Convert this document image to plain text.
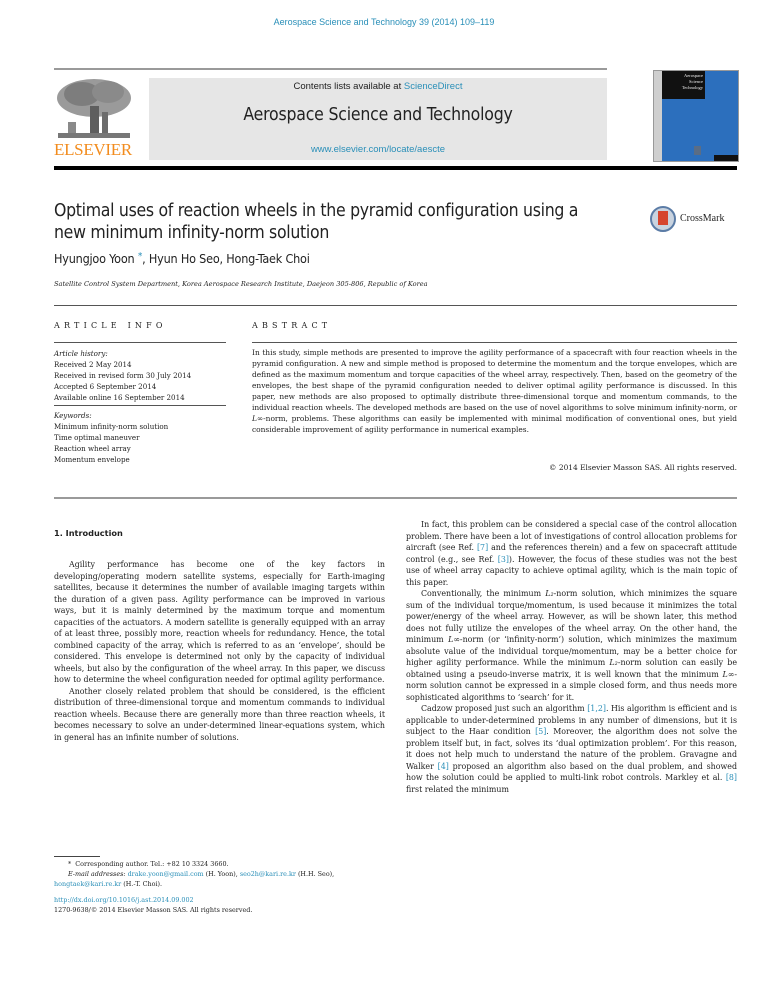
Aerospace Science and Technology 39 (2014) 109–119
ELSEVIER
Contents lists available at ScienceDirect
Aerospace Science and Technology
www.elsevier.com/locate/aescte
Aerospace
Science
Technology
Optimal uses of reaction wheels in the pyramid configuration using a
new minimum infinity-norm solution
CrossMark
Hyungjoo Yoon *, Hyun Ho Seo, Hong-Taek Choi
Satellite Control System Department, Korea Aerospace Research Institute, Daejeon 305-806, Republic of Korea
ARTICLE INFO
Article history:
Received 2 May 2014
Received in revised form 30 July 2014
Accepted 6 September 2014
Available online 16 September 2014
Keywords:
Minimum infinity-norm solution
Time optimal maneuver
Reaction wheel array
Momentum envelope
ABSTRACT
In this study, simple methods are presented to improve the agility performance of a spacecraft with four reaction wheels in the pyramid configuration. A new and simple method is proposed to determine the momentum and the torque envelopes, which are defined as the maximum momentum and torque capacities of the wheel array, respectively. Then, based on the geometry of the envelopes, the best shape of the pyramid configuration needed to deliver optimal agility performance is discussed. In this paper, new methods are also proposed to optimally distribute three-dimensional torque and momentum commands, to the individual reaction wheels. The developed methods are based on the use of novel algorithms to solve minimum infinity-norm, or L∞-norm, problems. These algorithms can easily be implemented with minimal modification of conventional ones, but yield considerable improvement of agility performance in numerical examples.
© 2014 Elsevier Masson SAS. All rights reserved.
1. Introduction

Agility performance has become one of the key factors in developing/operating modern satellite systems, especially for Earth-imaging satellites, because it determines the number of available imaging targets within the duration of a given pass. Agility performance can be improved in various ways, but it is mainly determined by the maximum torque and momentum capacities of the actuators. A modern satellite is generally equipped with an array of at least three, possibly more, reaction wheels for redundancy. Hence, the total combined capacity of the array, which is referred to as an ‘envelope’, should be considered. This envelope is determined not only by the capacity of individual wheels, but also by the configuration of the wheel array. In this paper, we discuss how to determine the wheel configuration needed for optimal agility performance.

Another closely related problem that should be considered, is the efficient distribution of three-dimensional torque and momentum commands to individual reaction wheels. Because there are generally more than three reaction wheels, it becomes necessary to solve an under-determined linear-equations system, which in general has an infinite number of solutions.

In fact, this problem can be considered a special case of the control allocation problem. There have been a lot of investigations of control allocation problems for aircraft (see Ref. [7] and the references therein) and a few on spacecraft attitude control (e.g., see Ref. [3]). However, the focus of these studies was not the best use of wheel array capacity to achieve optimal agility, which is the main topic of this paper.

Conventionally, the minimum L₂-norm solution, which minimizes the square sum of the individual torque/momentum, is used because it minimizes the total power/energy of the wheel array. However, as will be shown later, this method does not fully utilize the envelopes of the wheel array. On the other hand, the minimum L∞-norm (or ‘infinity-norm’) solution, which minimizes the maximum absolute value of the individual torque/momentum, may be a better choice for higher agility performance. While the minimum L₂-norm solution can easily be obtained using a pseudo-inverse matrix, it is well known that the minimum L∞-norm solution cannot be expressed in a simple closed form, and thus needs more sophisticated algorithms to ‘search’ for it.

Cadzow proposed just such an algorithm [1,2]. His algorithm is efficient and is applicable to under-determined problems in any number of dimensions, but it is subject to the Haar condition [5]. Moreover, the algorithm does not solve the problem itself but, in fact, solves its ‘dual optimization problem’. For this reason, it does not help much to understand the nature of the problem. Gravagne and Walker [4] proposed an algorithm also based on the dual problem, and showed how the solution could be applied to multi-link robot controls. Markley et al. [8] first related the minimum

* Corresponding author. Tel.: +82 10 3324 3660.
E-mail addresses: drake.yoon@gmail.com (H. Yoon), seo2h@kari.re.kr (H.H. Seo), hongtaek@kari.re.kr (H.-T. Choi).
http://dx.doi.org/10.1016/j.ast.2014.09.002
1270-9638/© 2014 Elsevier Masson SAS. All rights reserved.
